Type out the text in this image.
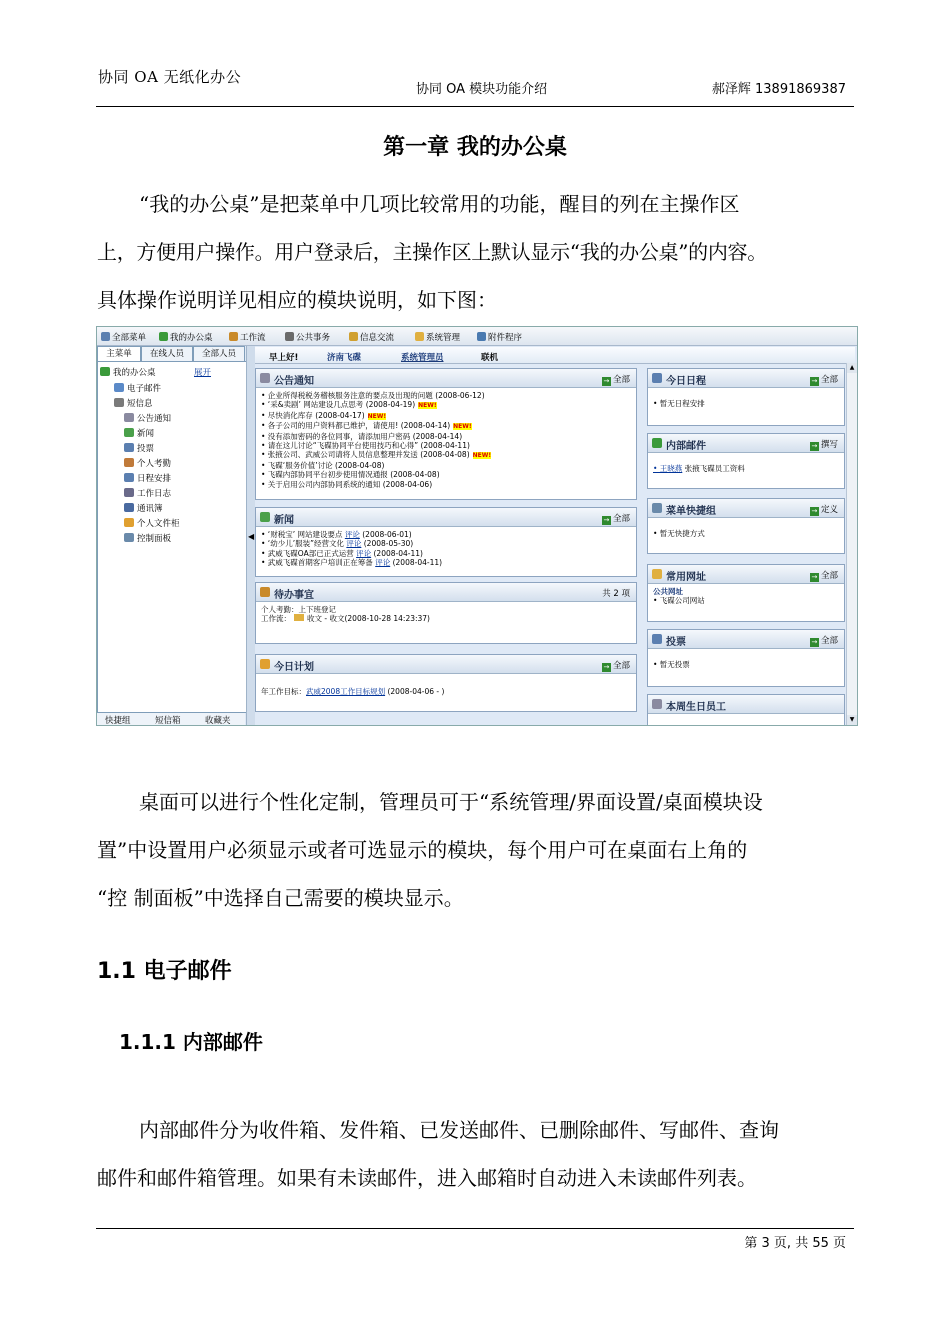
协同 OA 无纸化办公
协同 OA 模块功能介绍	郝泽辉 13891869387
第一章 我的办公桌
“我的办公桌”是把菜单中几项比较常用的功能，醒目的列在主操作区
上，方便用户操作。用户登录后，主操作区上默认显示“我的办公桌”的内容。
具体操作说明详见相应的模块说明，如下图：
全部菜单	我的办公桌	工作流	公共事务	信息交流	系统管理	附件程序
主菜单	在线人员	全部人员
我的办公桌	展开
电子邮件
短信息
公告通知
新闻
投票
个人考勤
日程安排
工作日志
通讯簿
个人文件柜
控制面板
快捷组	短信箱	收藏夹
◀
早上好!	济南飞碟	系统管理员	联机
公告通知	→ 全部
• 企业所得税税务稽核服务注意的要点及出现的问题 (2008-06-12)
• ‘采&卖剧’ 网站建设几点思考 (2008-04-19) NEW!
• 尽快消化库存 (2008-04-17) NEW!
• 各子公司的用户资料都已维护，请使用! (2008-04-14) NEW!
• 没有添加密码的各位同事，请添加用户密码 (2008-04-14)
• 请在这儿讨论“飞碟协同平台使用技巧和心得” (2008-04-11)
• 张掖公司、武威公司请将人员信息整理并发送 (2008-04-08) NEW!
• 飞碟‘服务价值’讨论 (2008-04-08)
• 飞碟内部协同平台初步使用情况通报 (2008-04-08)
• 关于启用公司内部协同系统的通知 (2008-04-06)
新闻	→ 全部
• ‘财税宝’ 网站建设要点 评论 (2008-06-01)
• ‘幼少儿’服装”经营文化 评论 (2008-05-30)
• 武威飞碟OA部已正式运营 评论 (2008-04-11)
• 武威飞碟首期客户培训正在筹备 评论 (2008-04-11)
待办事宜	共 2 项
个人考勤：上下班登记
工作流： 收文 - 收文(2008-10-28 14:23:37)
今日计划	→ 全部
年工作目标：武威2008工作目标规划 (2008-04-06 - )
今日日程	→ 全部
• 暂无日程安排
内部邮件	→ 撰写
• 王晓燕 张掖飞碟员工资料
菜单快捷组	→ 定义
• 暂无快捷方式
常用网址	→ 全部
公共网址
• 飞碟公司网站
投票	→ 全部
• 暂无投票
本周生日员工
▲
▼
桌面可以进行个性化定制，管理员可于“系统管理/界面设置/桌面模块设
置”中设置用户必须显示或者可选显示的模块，每个用户可在桌面右上角的
“控 制面板”中选择自己需要的模块显示。
1.1 电子邮件
1.1.1 内部邮件
内部邮件分为收件箱、发件箱、已发送邮件、已删除邮件、写邮件、查询
邮件和邮件箱管理。如果有未读邮件，进入邮箱时自动进入未读邮件列表。
第 3 页, 共 55 页
